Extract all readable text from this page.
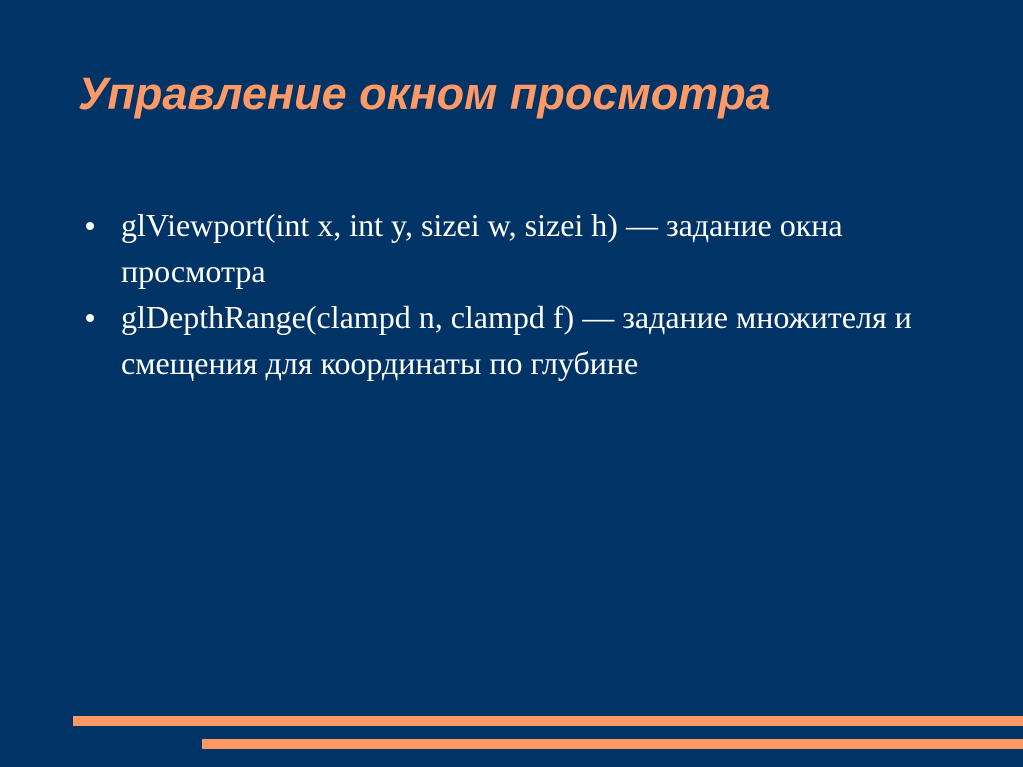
Управление окном просмотра
glViewport(int x, int y, sizei w, sizei h) — задание окна просмотра
glDepthRange(clampd n, clampd f) — задание множителя и смещения для координаты по глубине
